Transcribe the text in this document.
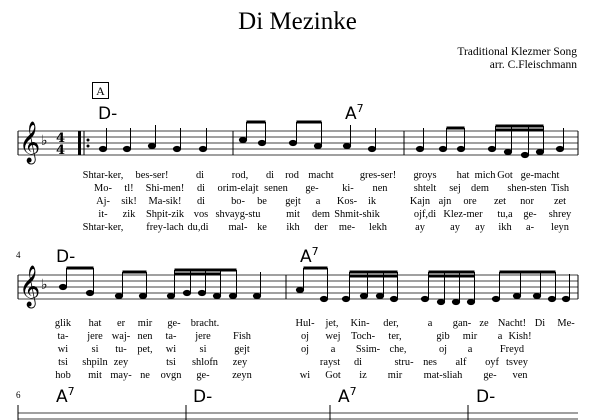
Di Mezinke
Traditional Klezmer Song
arr. C.Fleischmann
A
4
6
D-	$A^7$
D-	$A^7$
$A^7$	D-	$A^7$	D-
𝄞
𝄞
♭
♭
4
4
Shtar-ker, bes-ser!	di	rod, di rod macht	gres-ser! groys hat mich Got ge-macht
Mo- tl! Shi-men! di orim-elajt senen ge- ki- nen	shtelt sej dem shen-sten Tish
Aj- sik! Ma-sik! di	bo- be gejt a Kos- ik	Kajn ajn ore zet nor zet
it- zik Shpit-zik vos shvayg-stu mit dem Shmit-shik	ojf,di Klez-mer tu,a ge- shrey
Shtar-ker, frey-lach du,di mal- ke ikh der me- lekh	ay ay ay ikh a- leyn
glik hat er mir ge- bracht.	Hul- jet, Kin- der,	a gan- ze Nacht! Di Me-
ta- jere waj- nen ta- jere Fish	oj wej Toch- ter,	gib mir a Kish!
wi si tu- pet, wi si	gejt	oj a Ssim- che,	oj a	Freyd
tsi shpiln zey	tsi shlofn zey	rayst di	stru- nes alf oyf tsvey
hob mit may- ne ovgn ge- zeyn	wi Got iz mir mat-sliah ge- ven
